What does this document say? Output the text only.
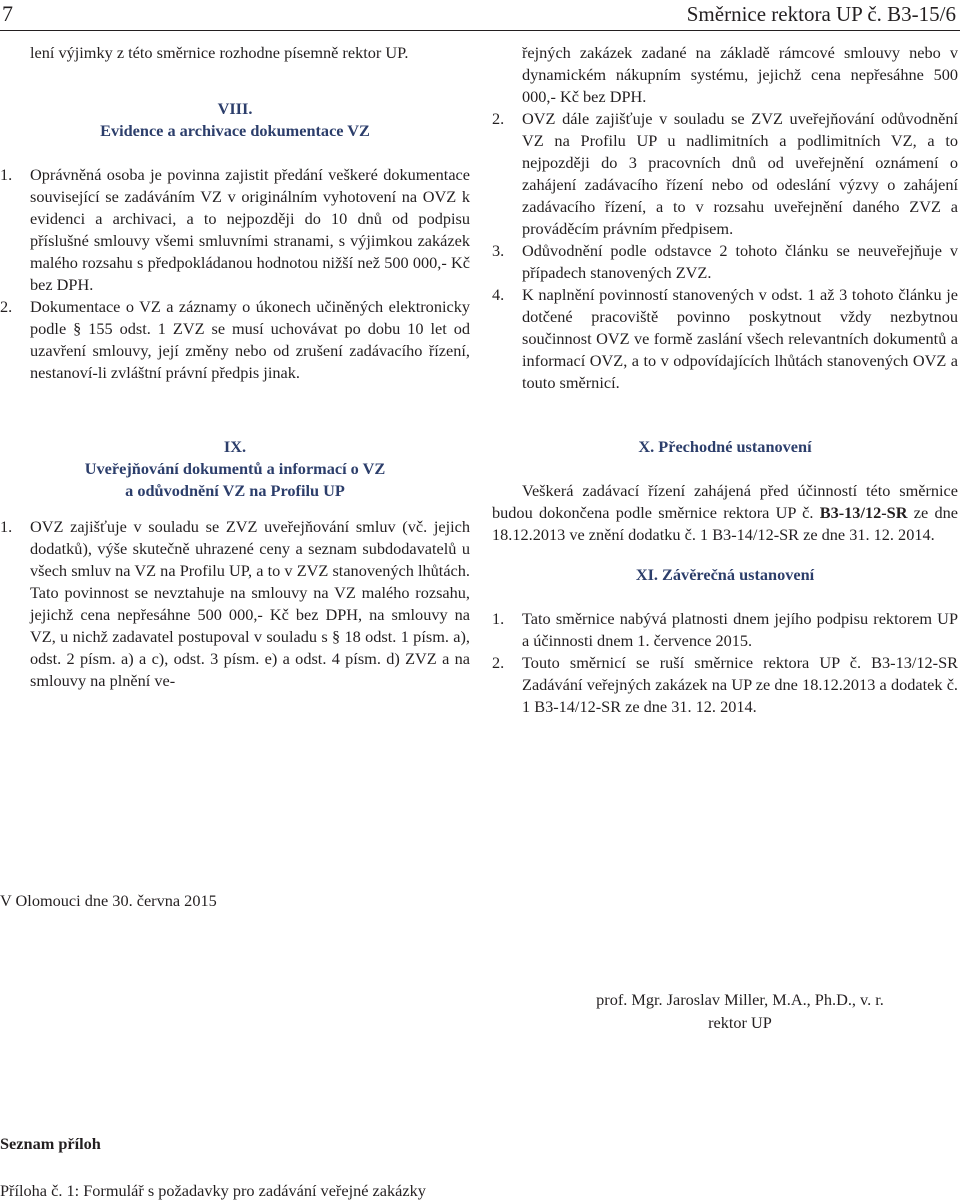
7	Směrnice rektora UP č. B3-15/6

lení výjimky z této směrnice rozhodne písemně rektor UP.

VIII.
Evidence a archivace dokumentace VZ
1.	Oprávněná osoba je povinna zajistit předání veškeré dokumentace související se zadáváním VZ v originálním vyhotovení na OVZ k evidenci a archivaci, a to nejpozději do 10 dnů od podpisu příslušné smlouvy všemi smluvními stranami, s výjimkou zakázek malého rozsahu s předpokládanou hodnotou nižší než 500 000,- Kč bez DPH.
2.	Dokumentace o VZ a záznamy o úkonech učiněných elektronicky podle § 155 odst. 1 ZVZ se musí uchovávat po dobu 10 let od uzavření smlouvy, její změny nebo od zrušení zadávacího řízení, nestanoví-li zvláštní právní předpis jinak.
IX.
Uveřejňování dokumentů a informací o VZ
a odůvodnění VZ na Profilu UP
1.	OVZ zajišťuje v souladu se ZVZ uveřejňování smluv (vč. jejich dodatků), výše skutečně uhrazené ceny a seznam subdodavatelů u všech smluv na VZ na Profilu UP, a to v ZVZ stanovených lhůtách. Tato povinnost se nevztahuje na smlouvy na VZ malého rozsahu, jejichž cena nepřesáhne 500 000,- Kč bez DPH, na smlouvy na VZ, u nichž zadavatel postupoval v souladu s § 18 odst. 1 písm. a), odst. 2 písm. a) a c), odst. 3 písm. e) a odst. 4 písm. d) ZVZ a na smlouvy na plnění ve-

řejných zakázek zadané na základě rámcové smlouvy nebo v dynamickém nákupním systému, jejichž cena nepřesáhne 500 000,- Kč bez DPH.

2.	OVZ dále zajišťuje v souladu se ZVZ uveřejňování odůvodnění VZ na Profilu UP u nadlimitních a podlimitních VZ, a to nejpozději do 3 pracovních dnů od uveřejnění oznámení o zahájení zadávacího řízení nebo od odeslání výzvy o zahájení zadávacího řízení, a to v rozsahu uveřejnění daného ZVZ a prováděcím právním předpisem.
3.	Odůvodnění podle odstavce 2 tohoto článku se neuveřejňuje v případech stanovených ZVZ.
4.	K naplnění povinností stanovených v odst. 1 až 3 tohoto článku je dotčené pracoviště povinno poskytnout vždy nezbytnou součinnost OVZ ve formě zaslání všech relevantních dokumentů a informací OVZ, a to v odpovídajících lhůtách stanovených OVZ a touto směrnicí.
X. Přechodné ustanovení

Veškerá zadávací řízení zahájená před účinností této směrnice budou dokončena podle směrnice rektora UP č. B3-13/12-SR ze dne 18.12.2013 ve znění dodatku č. 1 B3-14/12-SR ze dne 31. 12. 2014.

XI. Závěrečná ustanovení
1.	Tato směrnice nabývá platnosti dnem jejího podpisu rektorem UP a účinnosti dnem 1. července 2015.
2.	Touto směrnicí se ruší směrnice rektora UP č. B3-13/12-SR Zadávání veřejných zakázek na UP ze dne 18.12.2013 a dodatek č. 1 B3-14/12-SR ze dne 31. 12. 2014.
V Olomouci dne 30. června 2015
prof. Mgr. Jaroslav Miller, M.A., Ph.D., v. r.
rektor UP
Seznam příloh
Příloha č. 1: Formulář s požadavky pro zadávání veřejné zakázky
